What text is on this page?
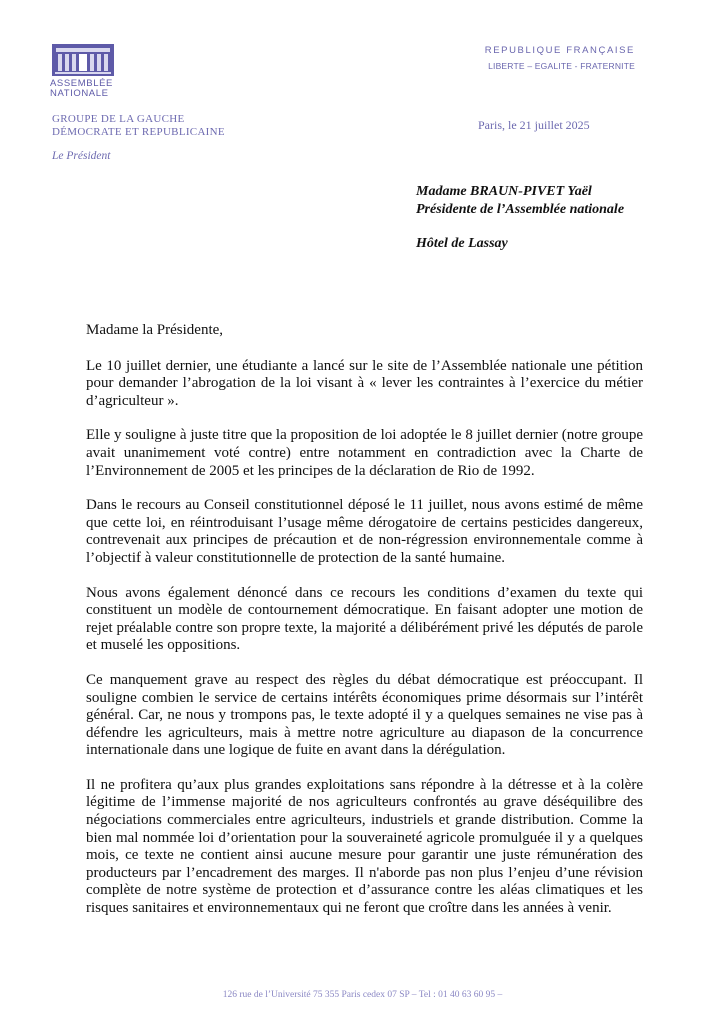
ASSEMBLÉE
NATIONALE
REPUBLIQUE FRANÇAISE
LIBERTE – EGALITE - FRATERNITE
GROUPE DE LA GAUCHE
DÉMOCRATE ET REPUBLICAINE
Le Président
Paris, le 21 juillet 2025
Madame BRAUN-PIVET Yaël
Présidente de l’Assemblée nationale
Hôtel de Lassay

Madame la Présidente,

Le 10 juillet dernier, une étudiante a lancé sur le site de l’Assemblée nationale une pétition pour demander l’abrogation de la loi visant à « lever les contraintes à l’exercice du métier d’agriculteur ».

Elle y souligne à juste titre que la proposition de loi adoptée le 8 juillet dernier (notre groupe avait unanimement voté contre) entre notamment en contradiction avec la Charte de l’Environnement de 2005 et les principes de la déclaration de Rio de 1992.

Dans le recours au Conseil constitutionnel déposé le 11 juillet, nous avons estimé de même que cette loi, en réintroduisant l’usage même dérogatoire de certains pesticides dangereux, contrevenait aux principes de précaution et de non-régression environnementale comme à l’objectif à valeur constitutionnelle de protection de la santé humaine.

Nous avons également dénoncé dans ce recours les conditions d’examen du texte qui constituent un modèle de contournement démocratique. En faisant adopter une motion de rejet préalable contre son propre texte, la majorité a délibérément privé les députés de parole et muselé les oppositions.

Ce manquement grave au respect des règles du débat démocratique est préoccupant. Il souligne combien le service de certains intérêts économiques prime désormais sur l’intérêt général. Car, ne nous y trompons pas, le texte adopté il y a quelques semaines ne vise pas à défendre les agriculteurs, mais à mettre notre agriculture au diapason de la concurrence internationale dans une logique de fuite en avant dans la dérégulation.

Il ne profitera qu’aux plus grandes exploitations sans répondre à la détresse et à la colère légitime de l’immense majorité de nos agriculteurs confrontés au grave déséquilibre des négociations commerciales entre agriculteurs, industriels et grande distribution. Comme la bien mal nommée loi d’orientation pour la souveraineté agricole promulguée il y a quelques mois, ce texte ne contient ainsi aucune mesure pour garantir une juste rémunération des producteurs par l’encadrement des marges. Il n'aborde pas non plus l’enjeu d’une révision complète de notre système de protection et d’assurance contre les aléas climatiques et les risques sanitaires et environnementaux qui ne feront que croître dans les années à venir.

126 rue de l’Université 75 355 Paris cedex 07 SP – Tel : 01 40 63 60 95 –
